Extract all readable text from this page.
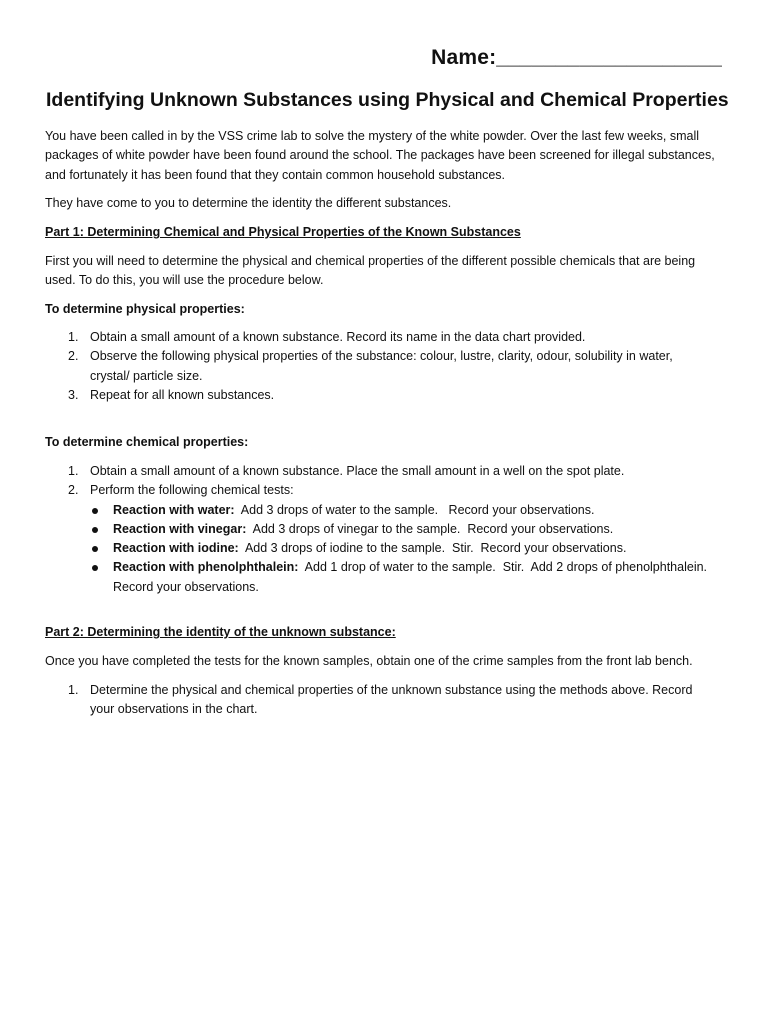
Name:___________________
Identifying Unknown Substances using Physical and Chemical Properties
You have been called in by the VSS crime lab to solve the mystery of the white powder. Over the last few weeks, small
packages of white powder have been found around the school. The packages have been screened for illegal substances,
and fortunately it has been found that they contain common household substances.
They have come to you to determine the identity the different substances.
Part 1: Determining Chemical and Physical Properties of the Known Substances
First you will need to determine the physical and chemical properties of the different possible chemicals that are being
used. To do this, you will use the procedure below.
To determine physical properties:
1. Obtain a small amount of a known substance. Record its name in the data chart provided.
2. Observe the following physical properties of the substance: colour, lustre, clarity, odour, solubility in water,
crystal/ particle size.
3. Repeat for all known substances.
To determine chemical properties:
1. Obtain a small amount of a known substance. Place the small amount in a well on the spot plate.
2. Perform the following chemical tests:
Reaction with water:  Add 3 drops of water to the sample.   Record your observations.
Reaction with vinegar:  Add 3 drops of vinegar to the sample.  Record your observations.
Reaction with iodine:  Add 3 drops of iodine to the sample.  Stir.  Record your observations.
Reaction with phenolphthalein:  Add 1 drop of water to the sample.  Stir.  Add 2 drops of phenolphthalein.
Record your observations.
Part 2: Determining the identity of the unknown substance:
Once you have completed the tests for the known samples, obtain one of the crime samples from the front lab bench.
1. Determine the physical and chemical properties of the unknown substance using the methods above. Record
your observations in the chart.
